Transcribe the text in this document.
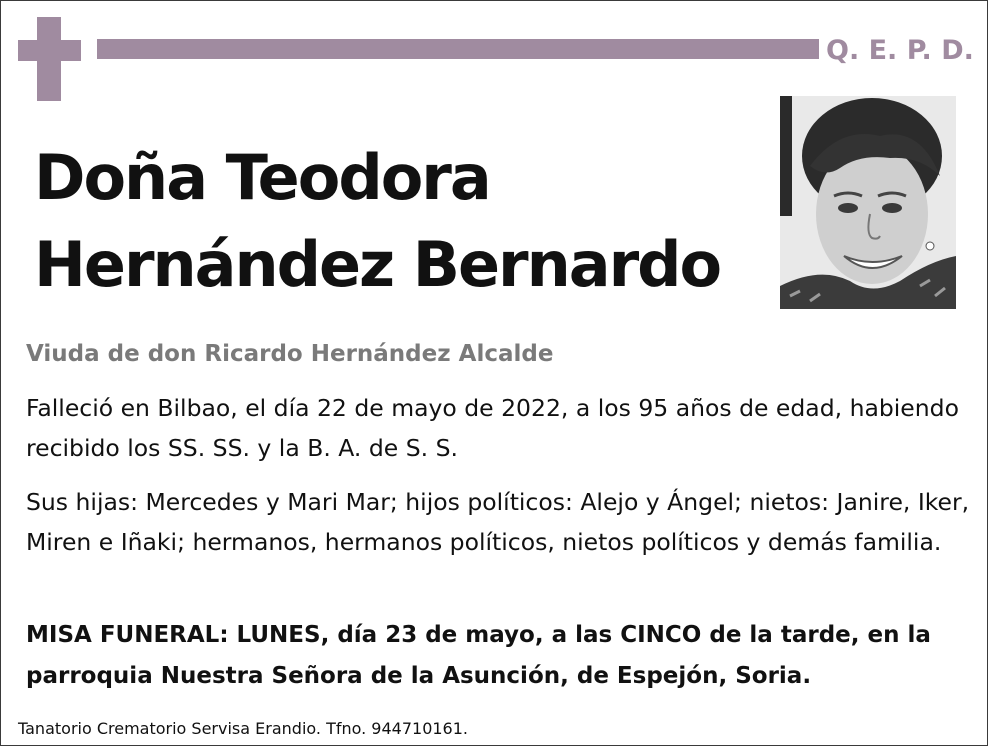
Q. E. P. D.
Doña Teodora
Hernández Bernardo
Viuda de don Ricardo Hernández Alcalde
Falleció en Bilbao, el día 22 de mayo de 2022, a los 95 años de edad, habiendo recibido los SS. SS. y la B. A. de S. S.
Sus hijas: Mercedes y Mari Mar; hijos políticos: Alejo y Ángel; nietos: Janire, Iker, Miren e Iñaki; hermanos, hermanos políticos, nietos políticos y demás familia.
MISA FUNERAL: LUNES, día 23 de mayo, a las CINCO de la tarde, en la parroquia Nuestra Señora de la Asunción, de Espejón, Soria.
Tanatorio Crematorio Servisa Erandio. Tfno. 944710161.
